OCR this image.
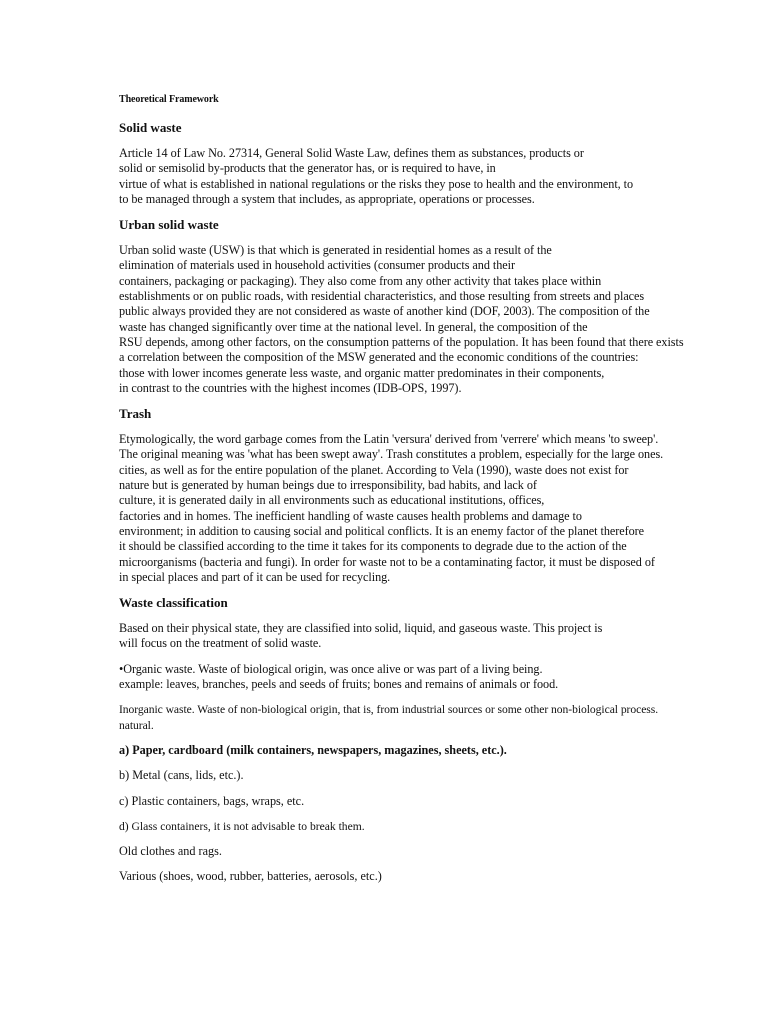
Theoretical Framework
Solid waste
Article 14 of Law No. 27314, General Solid Waste Law, defines them as substances, products or
solid or semisolid by-products that the generator has, or is required to have, in
virtue of what is established in national regulations or the risks they pose to health and the environment, to
to be managed through a system that includes, as appropriate, operations or processes.
Urban solid waste
Urban solid waste (USW) is that which is generated in residential homes as a result of the
elimination of materials used in household activities (consumer products and their
containers, packaging or packaging). They also come from any other activity that takes place within
establishments or on public roads, with residential characteristics, and those resulting from streets and places
public always provided they are not considered as waste of another kind (DOF, 2003). The composition of the
waste has changed significantly over time at the national level. In general, the composition of the
RSU depends, among other factors, on the consumption patterns of the population. It has been found that there exists
a correlation between the composition of the MSW generated and the economic conditions of the countries:
those with lower incomes generate less waste, and organic matter predominates in their components,
in contrast to the countries with the highest incomes (IDB-OPS, 1997).
Trash
Etymologically, the word garbage comes from the Latin 'versura' derived from 'verrere' which means 'to sweep'.
The original meaning was 'what has been swept away'. Trash constitutes a problem, especially for the large ones.
cities, as well as for the entire population of the planet. According to Vela (1990), waste does not exist for
nature but is generated by human beings due to irresponsibility, bad habits, and lack of
culture, it is generated daily in all environments such as educational institutions, offices,
factories and in homes. The inefficient handling of waste causes health problems and damage to
environment; in addition to causing social and political conflicts. It is an enemy factor of the planet therefore
it should be classified according to the time it takes for its components to degrade due to the action of the
microorganisms (bacteria and fungi). In order for waste not to be a contaminating factor, it must be disposed of
in special places and part of it can be used for recycling.
Waste classification
Based on their physical state, they are classified into solid, liquid, and gaseous waste. This project is
will focus on the treatment of solid waste.
•Organic waste. Waste of biological origin, was once alive or was part of a living being.
example: leaves, branches, peels and seeds of fruits; bones and remains of animals or food.
Inorganic waste. Waste of non-biological origin, that is, from industrial sources or some other non-biological process.
natural.
a) Paper, cardboard (milk containers, newspapers, magazines, sheets, etc.).
b) Metal (cans, lids, etc.).
c) Plastic containers, bags, wraps, etc.
d) Glass containers, it is not advisable to break them.
Old clothes and rags.
Various (shoes, wood, rubber, batteries, aerosols, etc.)
